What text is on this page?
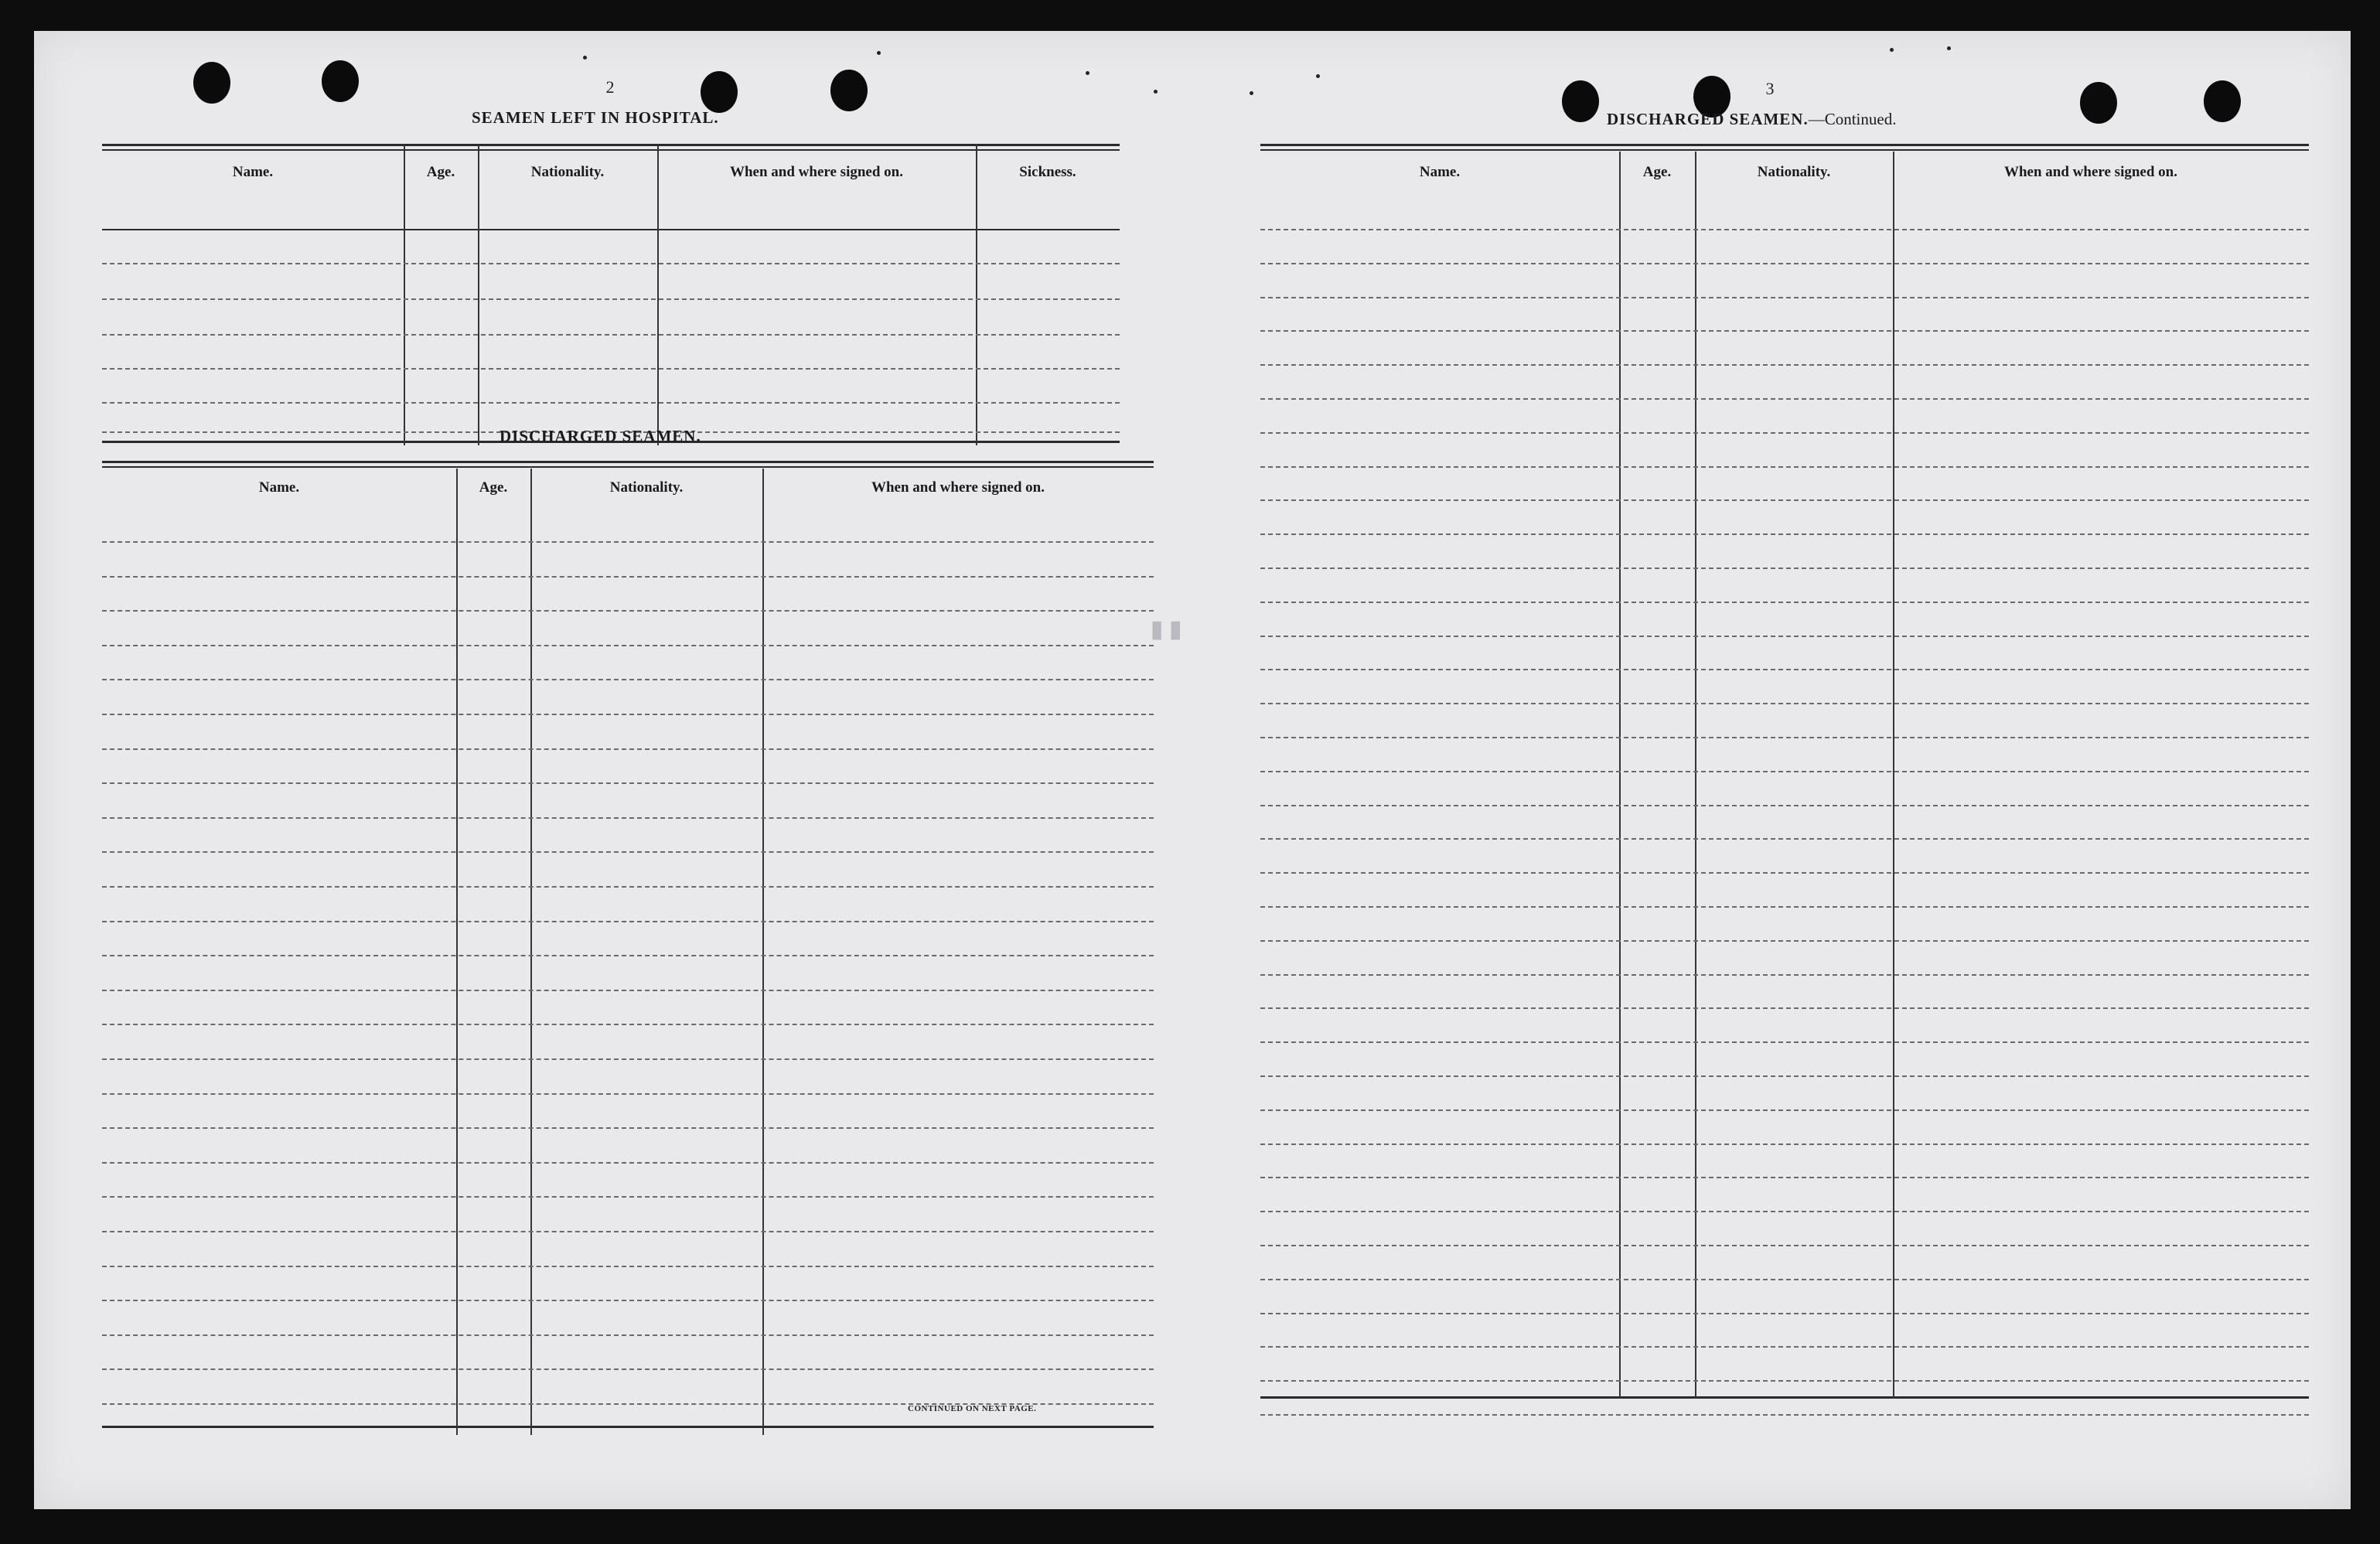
▮▮
2
SEAMEN LEFT IN HOSPITAL.
Name.	Age.	Nationality.	When and where signed on.	Sickness.
DISCHARGED SEAMEN.
Name.	Age.	Nationality.	When and where signed on.
CONTINUED ON NEXT PAGE.
3
DISCHARGED SEAMEN.—Continued.
Name.	Age.	Nationality.	When and where signed on.
